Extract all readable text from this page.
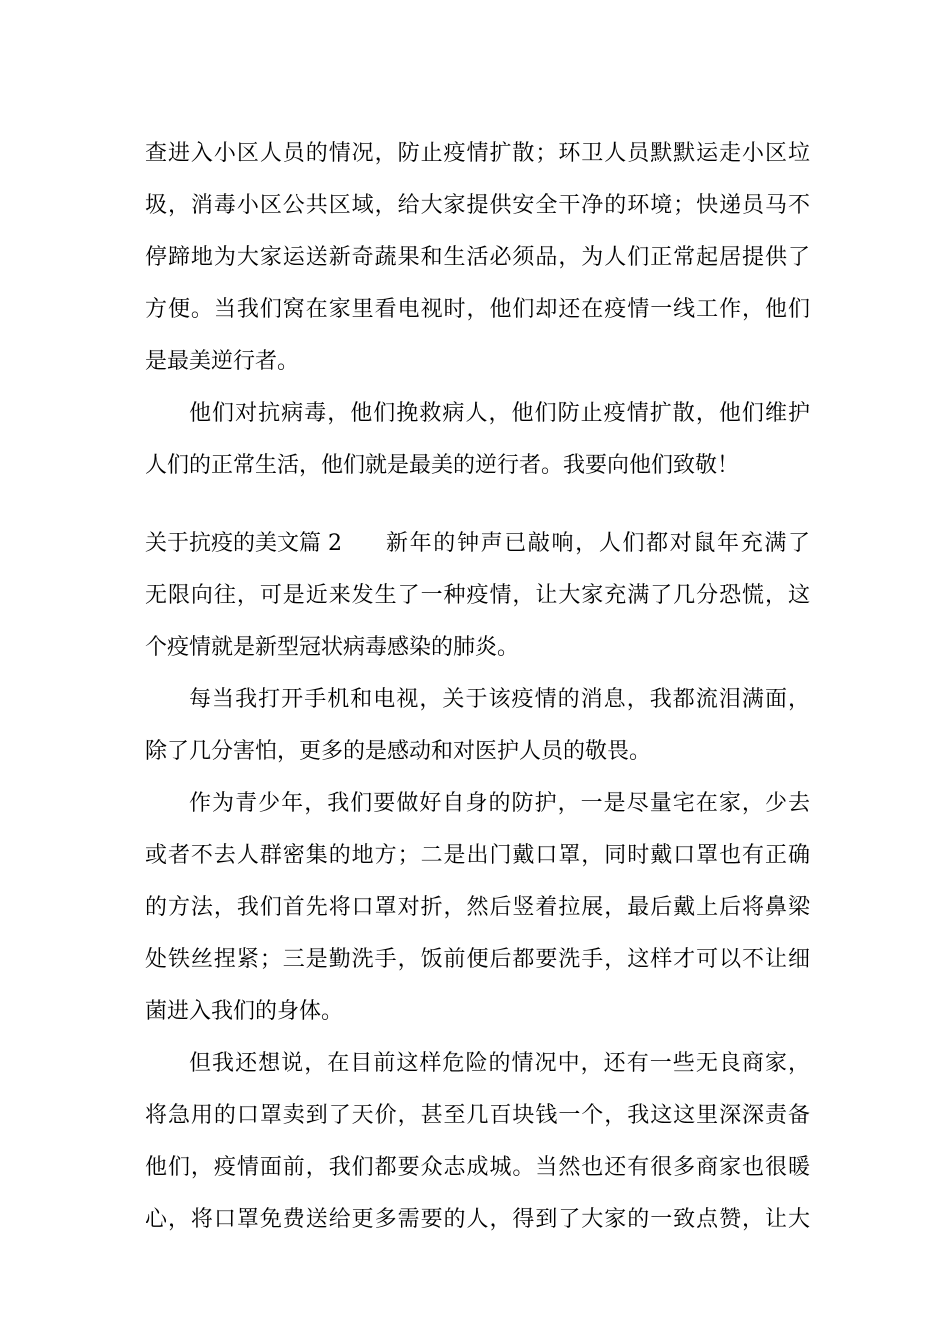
查进入小区人员的情况，防止疫情扩散；环卫人员默默运走小区垃
圾，消毒小区公共区域，给大家提供安全干净的环境；快递员马不
停蹄地为大家运送新奇蔬果和生活必须品，为人们正常起居提供了
方便。当我们窝在家里看电视时，他们却还在疫情一线工作，他们
是最美逆行者。
他们对抗病毒，他们挽救病人，他们防止疫情扩散，他们维护
人们的正常生活，他们就是最美的逆行者。我要向他们致敬！
关于抗疫的美文篇 2	新年的钟声已敲响，人们都对鼠年充满了
无限向往，可是近来发生了一种疫情，让大家充满了几分恐慌，这
个疫情就是新型冠状病毒感染的肺炎。
每当我打开手机和电视，关于该疫情的消息，我都流泪满面，
除了几分害怕，更多的是感动和对医护人员的敬畏。
作为青少年，我们要做好自身的防护，一是尽量宅在家，少去
或者不去人群密集的地方；二是出门戴口罩，同时戴口罩也有正确
的方法，我们首先将口罩对折，然后竖着拉展，最后戴上后将鼻梁
处铁丝捏紧；三是勤洗手，饭前便后都要洗手，这样才可以不让细
菌进入我们的身体。
但我还想说，在目前这样危险的情况中，还有一些无良商家，
将急用的口罩卖到了天价，甚至几百块钱一个，我这这里深深责备
他们，疫情面前，我们都要众志成城。当然也还有很多商家也很暖
心，将口罩免费送给更多需要的人，得到了大家的一致点赞，让大
